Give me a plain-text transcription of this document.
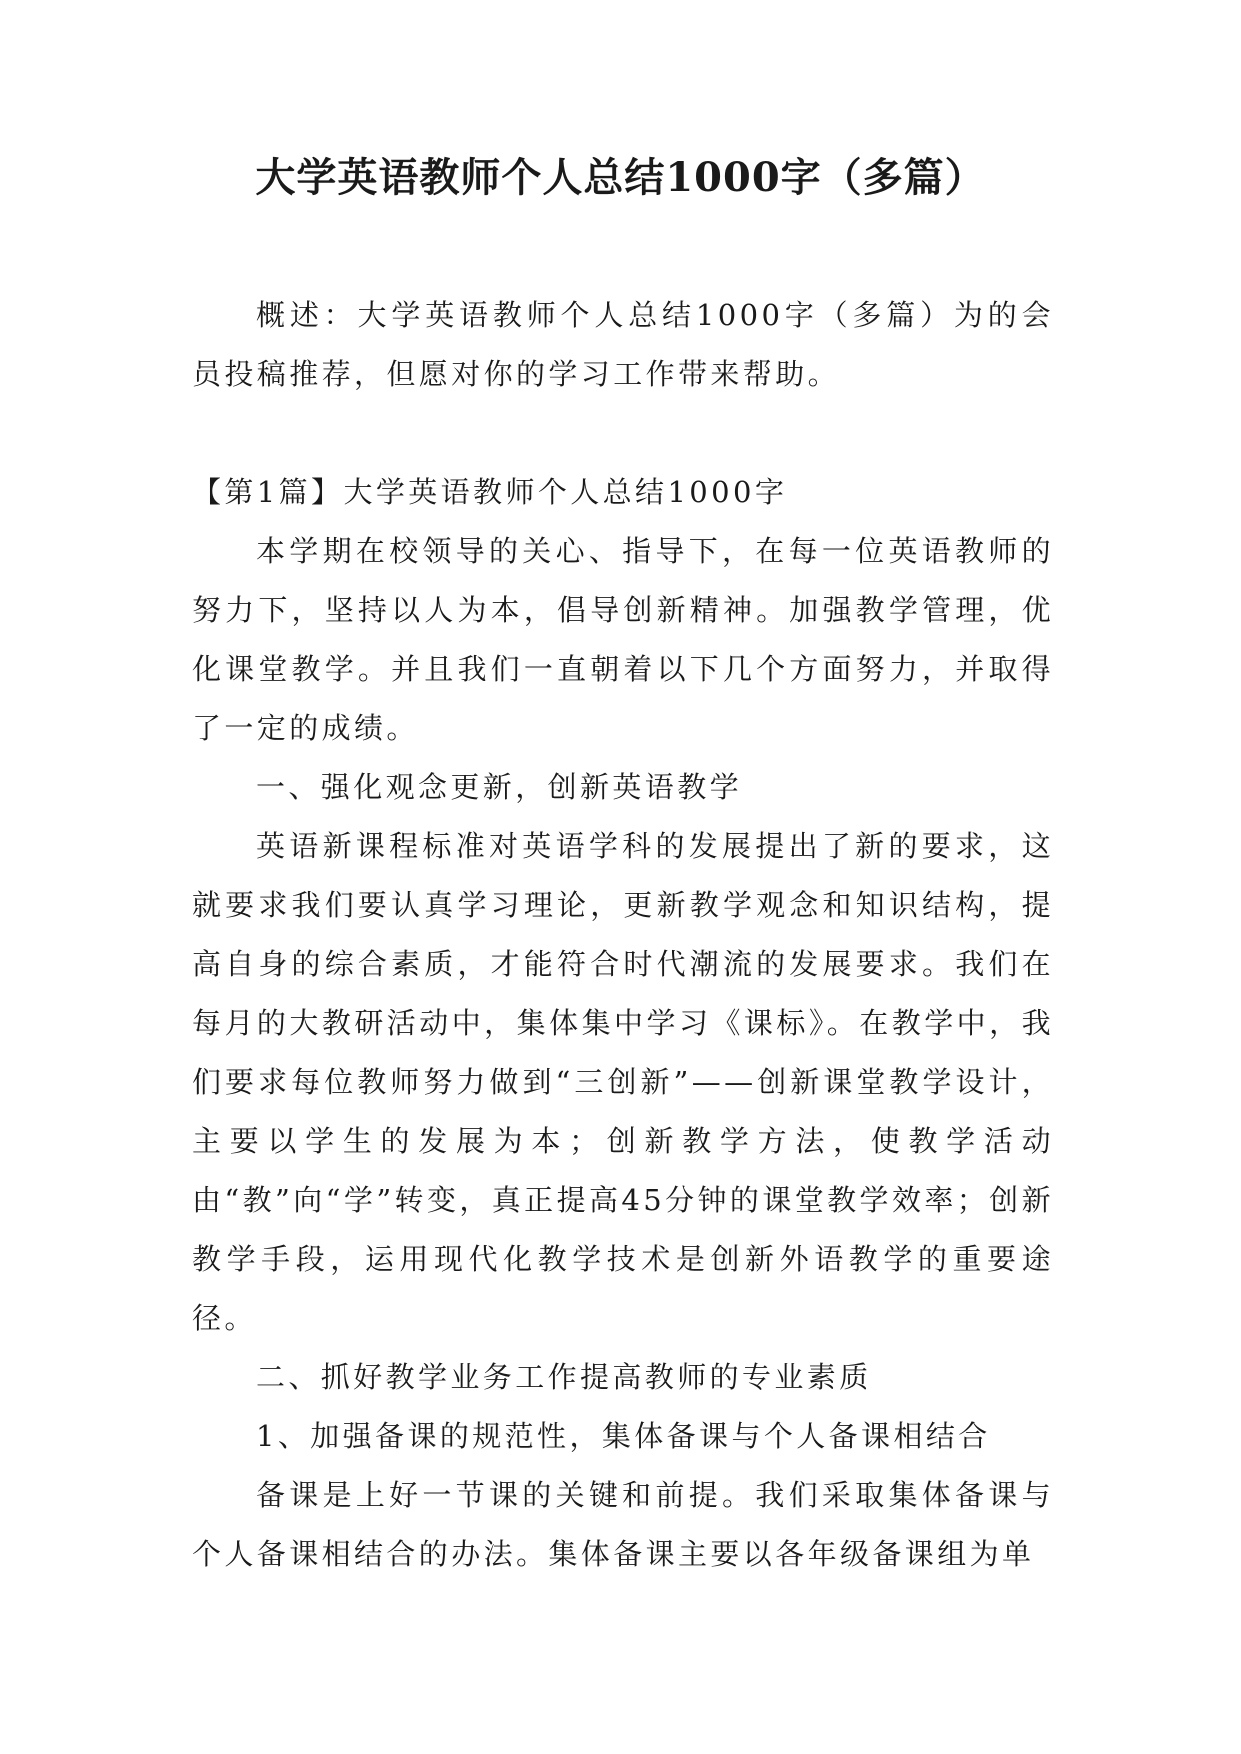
大学英语教师个人总结1000字（多篇）

概述：大学英语教师个人总结1000字（多篇）为的会员投稿推荐，但愿对你的学习工作带来帮助。

【第1篇】大学英语教师个人总结1000字

本学期在校领导的关心、指导下，在每一位英语教师的努力下，坚持以人为本，倡导创新精神。加强教学管理，优化课堂教学。并且我们一直朝着以下几个方面努力，并取得了一定的成绩。

一、强化观念更新，创新英语教学

英语新课程标准对英语学科的发展提出了新的要求，这就要求我们要认真学习理论，更新教学观念和知识结构，提高自身的综合素质，才能符合时代潮流的发展要求。我们在每月的大教研活动中，集体集中学习《课标》。在教学中，我们要求每位教师努力做到“三创新”——创新课堂教学设计，主要以学生的发展为本；创新教学方法，使教学活动由“教”向“学”转变，真正提高45分钟的课堂教学效率；创新教学手段，运用现代化教学技术是创新外语教学的重要途径。

二、抓好教学业务工作提高教师的专业素质

1、加强备课的规范性，集体备课与个人备课相结合

备课是上好一节课的关键和前提。我们采取集体备课与个人备课相结合的办法。集体备课主要以各年级备课组为单
